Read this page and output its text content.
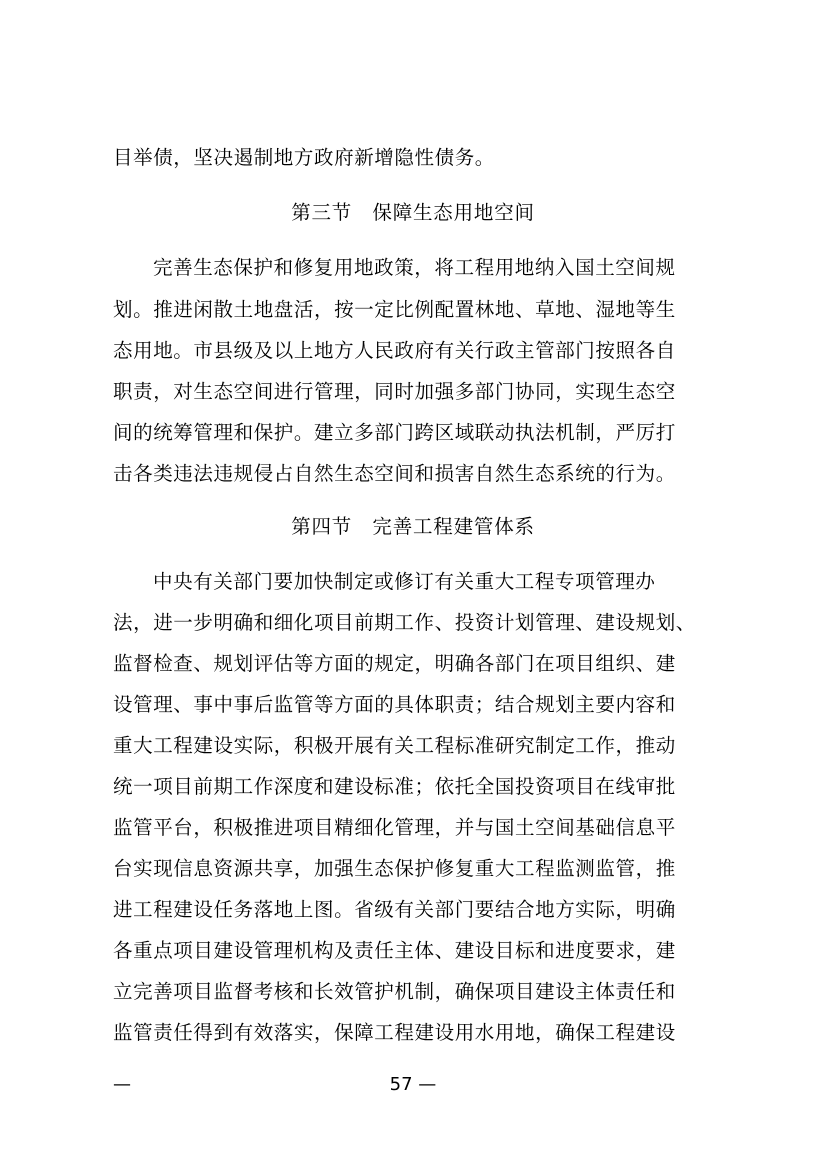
目举债，坚决遏制地方政府新增隐性债务。
第三节　保障生态用地空间
完善生态保护和修复用地政策，将工程用地纳入国土空间规
划。推进闲散土地盘活，按一定比例配置林地、草地、湿地等生
态用地。市县级及以上地方人民政府有关行政主管部门按照各自
职责，对生态空间进行管理，同时加强多部门协同，实现生态空
间的统筹管理和保护。建立多部门跨区域联动执法机制，严厉打
击各类违法违规侵占自然生态空间和损害自然生态系统的行为。
第四节　完善工程建管体系
中央有关部门要加快制定或修订有关重大工程专项管理办
法，进一步明确和细化项目前期工作、投资计划管理、建设规划、
监督检查、规划评估等方面的规定，明确各部门在项目组织、建
设管理、事中事后监管等方面的具体职责；结合规划主要内容和
重大工程建设实际，积极开展有关工程标准研究制定工作，推动
统一项目前期工作深度和建设标准；依托全国投资项目在线审批
监管平台，积极推进项目精细化管理，并与国土空间基础信息平
台实现信息资源共享，加强生态保护修复重大工程监测监管，推
进工程建设任务落地上图。省级有关部门要结合地方实际，明确
各重点项目建设管理机构及责任主体、建设目标和进度要求，建
立完善项目监督考核和长效管护机制，确保项目建设主体责任和
监管责任得到有效落实，保障工程建设用水用地，确保工程建设
—	57 —
